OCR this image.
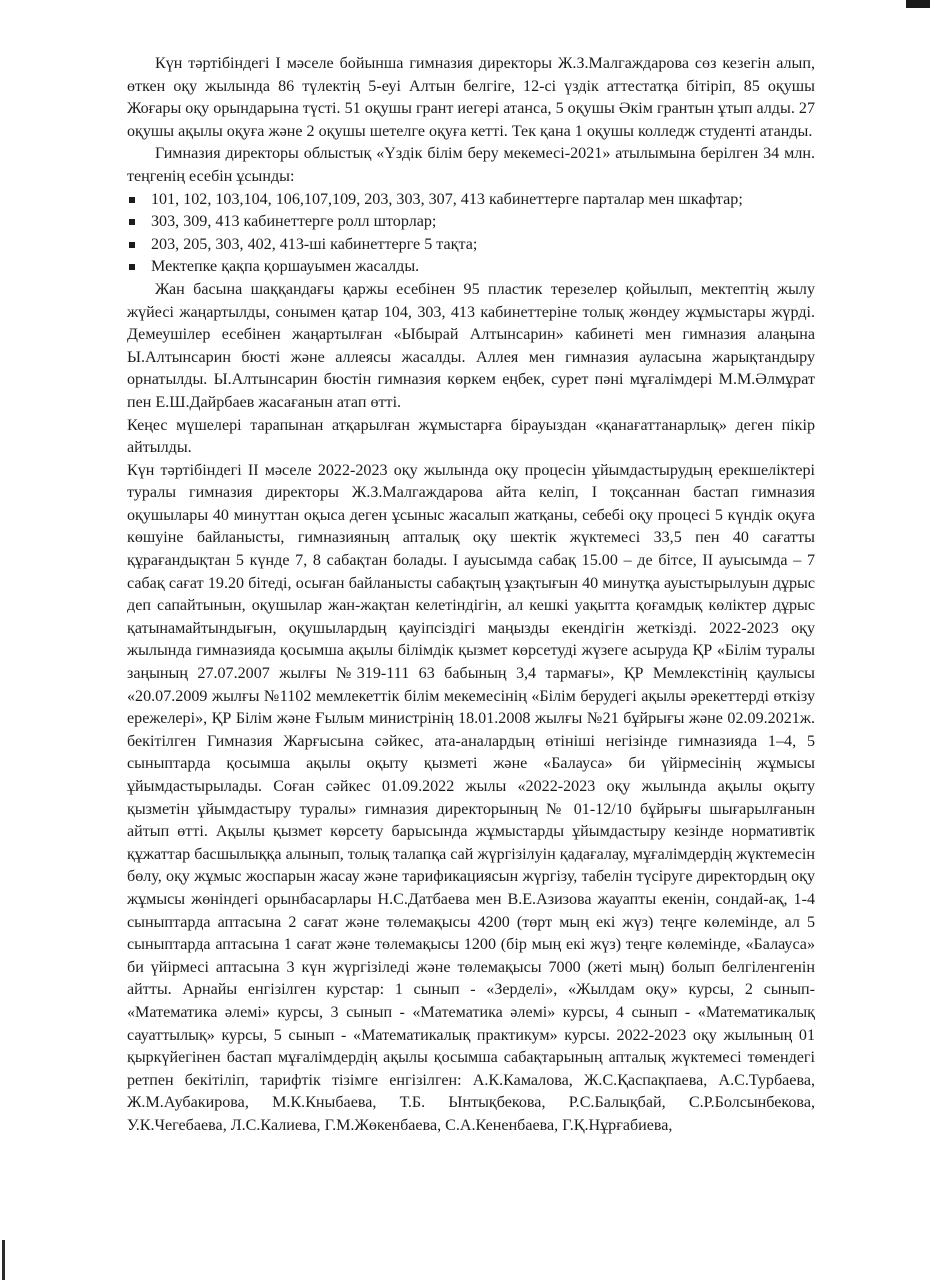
Күн тәртібіндегі І мәселе бойынша гимназия директоры Ж.З.Малгаждарова сөз кезегін алып, өткен оқу жылында 86 түлектің 5-еуі Алтын белгіге, 12-сі үздік аттестатқа бітіріп, 85 оқушы Жоғары оқу орындарына түсті. 51 оқушы грант иегері атанса, 5 оқушы Әкім грантын ұтып алды. 27 оқушы ақылы оқуға және 2 оқушы шетелге оқуға кетті. Тек қана 1 оқушы колледж студенті атанды.

Гимназия директоры облыстық «Үздік білім беру мекемесі-2021» атылымына берілген 34 млн. теңгенің есебін ұсынды:

101, 102, 103,104, 106,107,109, 203, 303, 307, 413 кабинеттерге парталар мен шкафтар;
303, 309, 413 кабинеттерге ролл шторлар;
203, 205, 303, 402, 413-ші кабинеттерге 5 тақта;
Мектепке қақпа қоршауымен жасалды.

Жан басына шаққандағы қаржы есебінен 95 пластик терезелер қойылып, мектептің жылу жүйесі жаңартылды, сонымен қатар 104, 303, 413 кабинеттеріне толық жөндеу жұмыстары жүрді. Демеушілер есебінен жаңартылған «Ыбырай Алтынсарин» кабинеті мен гимназия алаңына Ы.Алтынсарин бюсті және аллеясы жасалды. Аллея мен гимназия ауласына жарықтандыру орнатылды. Ы.Алтынсарин бюстін гимназия көркем еңбек, сурет пәні мұғалімдері М.М.Әлмұрат пен Е.Ш.Дайрбаев жасағанын атап өтті.

Кеңес мүшелері тарапынан атқарылған жұмыстарға бірауыздан «қанағаттанарлық» деген пікір айтылды.

Күн тәртібіндегі ІІ мәселе 2022-2023 оқу жылында оқу процесін ұйымдастырудың ерекшеліктері туралы гимназия директоры Ж.З.Малгаждарова айта келіп, І тоқсаннан бастап гимназия оқушылары 40 минуттан оқыса деген ұсыныс жасалып жатқаны, себебі оқу процесі 5 күндік оқуға көшуіне байланысты, гимназияның апталық оқу шектік жүктемесі 33,5 пен 40 сағатты құрағандықтан 5 күнде 7, 8 сабақтан болады. І ауысымда сабақ 15.00 – де бітсе, ІІ ауысымда – 7 сабақ сағат 19.20 бітеді, осыған байланысты сабақтың ұзақтығын 40 минутқа ауыстырылуын дұрыс деп сапайтынын, оқушылар жан-жақтан келетіндігін, ал кешкі уақытта қоғамдық көліктер дұрыс қатынамайтындығын, оқушылардың қауіпсіздігі маңызды екендігін жеткізді. 2022-2023 оқу жылында гимназияда қосымша ақылы білімдік қызмет көрсетуді жүзеге асыруда ҚР «Білім туралы заңының 27.07.2007 жылғы №319-111 63 бабының 3,4 тармағы», ҚР Мемлекстінің қаулысы «20.07.2009 жылғы №1102 мемлекеттік білім мекемесінің «Білім берудегі ақылы әрекеттерді өткізу ережелері», ҚР Білім және Ғылым министрінің 18.01.2008 жылғы №21 бұйрығы және 02.09.2021ж. бекітілген Гимназия Жарғысына сәйкес, ата-аналардың өтініші негізінде гимназияда 1–4, 5 сыныптарда қосымша ақылы оқыту қызметі және «Балауса» би үйірмесінің жұмысы ұйымдастырылады. Соған сәйкес 01.09.2022 жылы «2022-2023 оқу жылында ақылы оқыту қызметін ұйымдастыру туралы» гимназия директорының № 01-12/10 бұйрығы шығарылғанын айтып өтті. Ақылы қызмет көрсету барысында жұмыстарды ұйымдастыру кезінде нормативтік құжаттар басшылыққа алынып, толық талапқа сай жүргізілуін қадағалау, мұғалімдердің жүктемесін бөлу, оқу жұмыс жоспарын жасау және тарификациясын жүргізу, табелін түсіруге директордың оқу жұмысы жөніндегі орынбасарлары Н.С.Датбаева мен В.Е.Азизова жауапты екенін, сондай-ақ, 1-4 сыныптарда аптасына 2 сағат және төлемақысы 4200 (төрт мың екі жүз) теңге көлемінде, ал 5 сыныптарда аптасына 1 сағат және төлемақысы 1200 (бір мың екі жүз) теңге көлемінде, «Балауса» би үйірмесі аптасына 3 күн жүргізіледі және төлемақысы 7000 (жеті мың) болып белгіленгенін айтты. Арнайы енгізілген курстар: 1 сынып - «Зерделі», «Жылдам оқу» курсы, 2 сынып- «Математика әлемі» курсы, 3 сынып - «Математика әлемі» курсы, 4 сынып - «Математикалық сауаттылық» курсы, 5 сынып - «Математикалық практикум» курсы. 2022-2023 оқу жылының 01 қыркүйегінен бастап мұғалімдердің ақылы қосымша сабақтарының апталық жүктемесі төмендегі ретпен бекітіліп, тарифтік тізімге енгізілген: А.К.Камалова, Ж.С.Қаспақпаева, А.С.Турбаева, Ж.М.Аубакирова, М.К.Кныбаева, Т.Б. Ынтықбекова, Р.С.Балықбай, С.Р.Болсынбекова, У.К.Чегебаева, Л.С.Калиева, Г.М.Жөкенбаева, С.А.Кененбаева, Г.Қ.Нұрғабиева,
